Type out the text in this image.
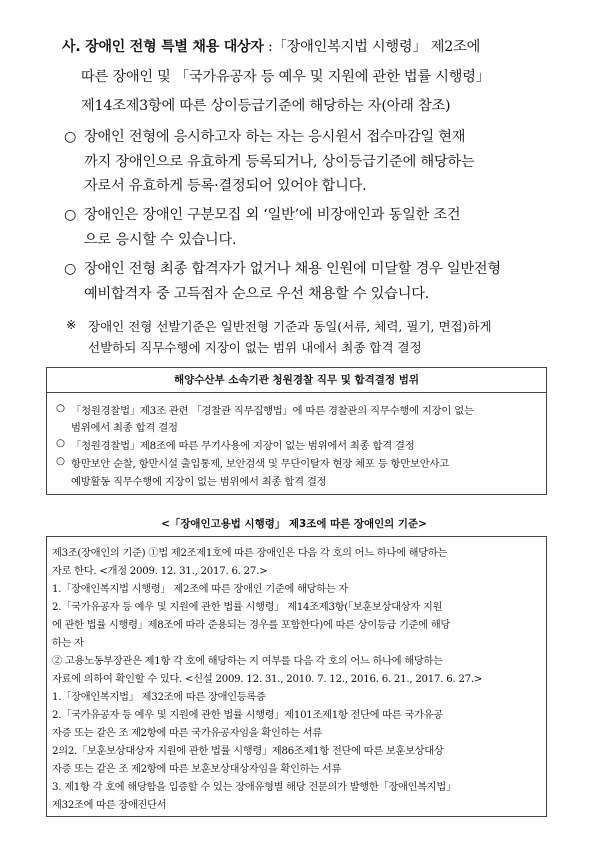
사. 장애인 전형 특별 채용 대상자 :「장애인복지법 시행령」 제2조에
따른 장애인 및 「국가유공자 등 예우 및 지원에 관한 법률 시행령」
제14조제3항에 따른 상이등급기준에 해당하는 자(아래 참조)
○ 장애인 전형에 응시하고자 하는 자는 응시원서 접수마감일 현재
까지 장애인으로 유효하게 등록되거나, 상이등급기준에 해당하는
자로서 유효하게 등록·결정되어 있어야 합니다.
○ 장애인은 장애인 구분모집 외 ‘일반’에 비장애인과 동일한 조건
으로 응시할 수 있습니다.
○ 장애인 전형 최종 합격자가 없거나 채용 인원에 미달할 경우 일반전형
예비합격자 중 고득점자 순으로 우선 채용할 수 있습니다.
※ 장애인 전형 선발기준은 일반전형 기준과 동일(서류, 체력, 필기, 면접)하게
선발하되 직무수행에 지장이 없는 범위 내에서 최종 합격 결정
해양수산부 소속기관 청원경찰 직무 및 합격결정 범위
○ 「청원경찰법」제3조 관련 「경찰관 직무집행법」에 따른 경찰관의 직무수행에 지장이 없는
범위에서 최종 합격 결정
○ 「청원경찰법」제8조에 따른 무기사용에 지장이 없는 범위에서 최종 합격 결정
○ 항만보안 순찰, 항만시설 출입통제, 보안검색 및 무단이탈자 현장 체포 등 항만보안사고
예방활동 직무수행에 지장이 없는 범위에서 최종 합격 결정
<「장애인고용법 시행령」 제3조에 따른 장애인의 기준>
제3조(장애인의 기준) ①법 제2조제1호에 따른 장애인은 다음 각 호의 어느 하나에 해당하는
자로 한다. <개정 2009. 12. 31., 2017. 6. 27.>
1.「장애인복지법 시행령」 제2조에 따른 장애인 기준에 해당하는 자
2.「국가유공자 등 예우 및 지원에 관한 법률 시행령」 제14조제3항(「보훈보상대상자 지원
에 관한 법률 시행령」제8조에 따라 준용되는 경우를 포함한다)에 따른 상이등급 기준에 해당
하는 자
② 고용노동부장관은 제1항 각 호에 해당하는 지 여부를 다음 각 호의 어느 하나에 해당하는
자료에 의하여 확인할 수 있다. <신설 2009. 12. 31., 2010. 7. 12., 2016. 6. 21., 2017. 6. 27.>
1.「장애인복지법」 제32조에 따른 장애인등록증
2.「국가유공자 등 예우 및 지원에 관한 법률 시행령」제101조제1항 전단에 따른 국가유공
자증 또는 같은 조 제2항에 따른 국가유공자임을 확인하는 서류
2의2.「보훈보상대상자 지원에 관한 법률 시행령」제86조제1항 전단에 따른 보훈보상대상
자증 또는 같은 조 제2항에 따른 보훈보상대상자임을 확인하는 서류
3. 제1항 각 호에 해당함을 입증할 수 있는 장애유형별 해당 전문의가 발행한「장애인복지법」
제32조에 따른 장애진단서
